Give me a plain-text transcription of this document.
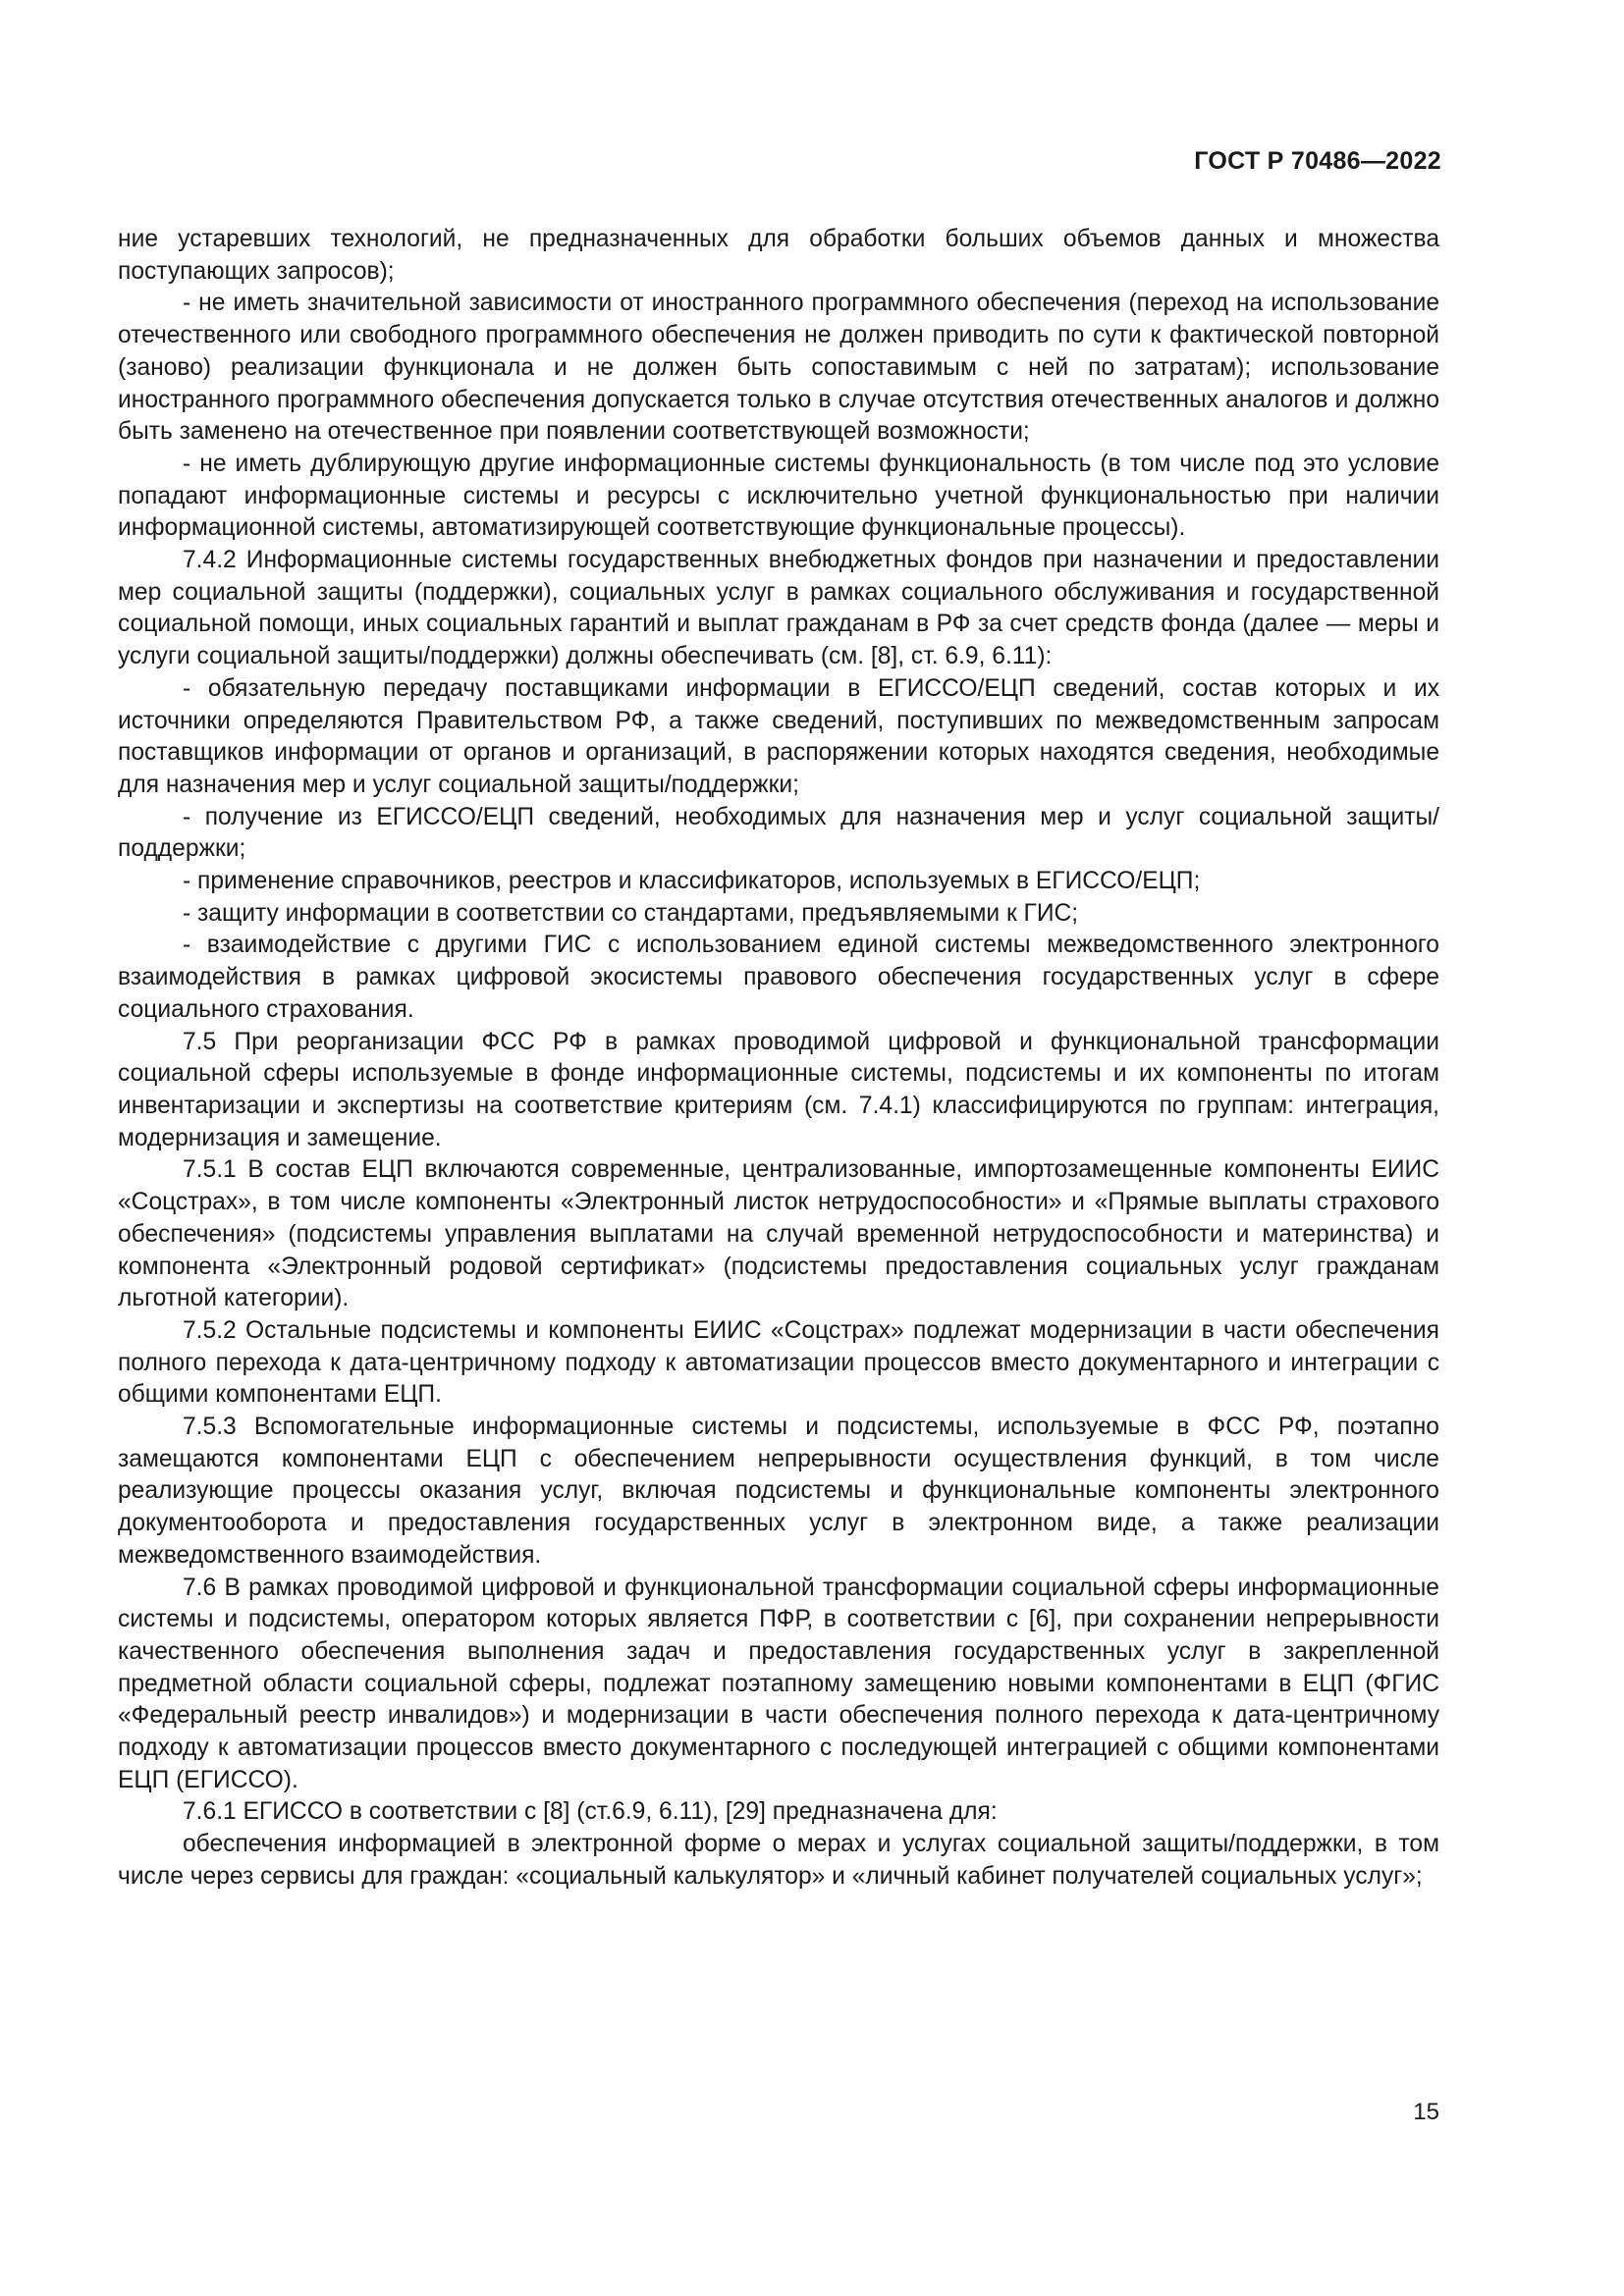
ГОСТ Р 70486—2022

ние устаревших технологий, не предназначенных для обработки больших объемов данных и множества поступающих запросов);

- не иметь значительной зависимости от иностранного программного обеспечения (переход на использование отечественного или свободного программного обеспечения не должен приводить по сути к фактической повторной (заново) реализации функционала и не должен быть сопоставимым с ней по затратам); использование иностранного программного обеспечения допускается только в случае отсутствия отечественных аналогов и должно быть заменено на отечественное при появлении соответствующей возможности;

- не иметь дублирующую другие информационные системы функциональность (в том числе под это условие попадают информационные системы и ресурсы с исключительно учетной функциональностью при наличии информационной системы, автоматизирующей соответствующие функциональные процессы).

7.4.2 Информационные системы государственных внебюджетных фондов при назначении и предоставлении мер социальной защиты (поддержки), социальных услуг в рамках социального обслуживания и государственной социальной помощи, иных социальных гарантий и выплат гражданам в РФ за счет средств фонда (далее — меры и услуги социальной защиты/поддержки) должны обеспечивать (см. [8], ст. 6.9, 6.11):

- обязательную передачу поставщиками информации в ЕГИССО/ЕЦП сведений, состав которых и их источники определяются Правительством РФ, а также сведений, поступивших по межведомственным запросам поставщиков информации от органов и организаций, в распоряжении которых находятся сведения, необходимые для назначения мер и услуг социальной защиты/поддержки;

- получение из ЕГИССО/ЕЦП сведений, необходимых для назначения мер и услуг социальной защиты/поддержки;

- применение справочников, реестров и классификаторов, используемых в ЕГИССО/ЕЦП;

- защиту информации в соответствии со стандартами, предъявляемыми к ГИС;

- взаимодействие с другими ГИС с использованием единой системы межведомственного электронного взаимодействия в рамках цифровой экосистемы правового обеспечения государственных услуг в сфере социального страхования.

7.5 При реорганизации ФСС РФ в рамках проводимой цифровой и функциональной трансформации социальной сферы используемые в фонде информационные системы, подсистемы и их компоненты по итогам инвентаризации и экспертизы на соответствие критериям (см. 7.4.1) классифицируются по группам: интеграция, модернизация и замещение.

7.5.1 В состав ЕЦП включаются современные, централизованные, импортозамещенные компоненты ЕИИС «Соцстрах», в том числе компоненты «Электронный листок нетрудоспособности» и «Прямые выплаты страхового обеспечения» (подсистемы управления выплатами на случай временной нетрудоспособности и материнства) и компонента «Электронный родовой сертификат» (подсистемы предоставления социальных услуг гражданам льготной категории).

7.5.2 Остальные подсистемы и компоненты ЕИИС «Соцстрах» подлежат модернизации в части обеспечения полного перехода к дата-центричному подходу к автоматизации процессов вместо документарного и интеграции с общими компонентами ЕЦП.

7.5.3 Вспомогательные информационные системы и подсистемы, используемые в ФСС РФ, поэтапно замещаются компонентами ЕЦП с обеспечением непрерывности осуществления функций, в том числе реализующие процессы оказания услуг, включая подсистемы и функциональные компоненты электронного документооборота и предоставления государственных услуг в электронном виде, а также реализации межведомственного взаимодействия.

7.6 В рамках проводимой цифровой и функциональной трансформации социальной сферы информационные системы и подсистемы, оператором которых является ПФР, в соответствии с [6], при сохранении непрерывности качественного обеспечения выполнения задач и предоставления государственных услуг в закрепленной предметной области социальной сферы, подлежат поэтапному замещению новыми компонентами в ЕЦП (ФГИС «Федеральный реестр инвалидов») и модернизации в части обеспечения полного перехода к дата-центричному подходу к автоматизации процессов вместо документарного с последующей интеграцией с общими компонентами ЕЦП (ЕГИССО).

7.6.1 ЕГИССО в соответствии с [8] (ст.6.9, 6.11), [29] предназначена для:

обеспечения информацией в электронной форме о мерах и услугах социальной защиты/поддержки, в том числе через сервисы для граждан: «социальный калькулятор» и «личный кабинет получателей социальных услуг»;

15
